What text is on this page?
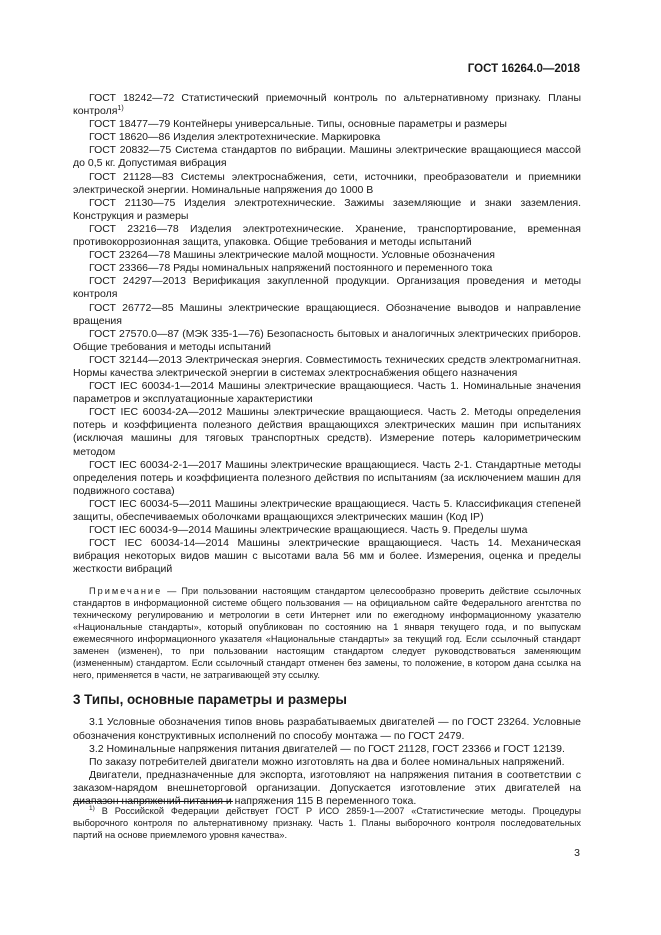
ГОСТ 16264.0—2018

ГОСТ 18242—72 Статистический приемочный контроль по альтернативному признаку. Планы контроля$^{1)}$

ГОСТ 18477—79 Контейнеры универсальные. Типы, основные параметры и размеры

ГОСТ 18620—86 Изделия электротехнические. Маркировка

ГОСТ 20832—75 Система стандартов по вибрации. Машины электрические вращающиеся массой до 0,5 кг. Допустимая вибрация

ГОСТ 21128—83 Системы электроснабжения, сети, источники, преобразователи и приемники электрической энергии. Номинальные напряжения до 1000 В

ГОСТ 21130—75 Изделия электротехнические. Зажимы заземляющие и знаки заземления. Конструкция и размеры

ГОСТ 23216—78 Изделия электротехнические. Хранение, транспортирование, временная противокоррозионная защита, упаковка. Общие требования и методы испытаний

ГОСТ 23264—78 Машины электрические малой мощности. Условные обозначения

ГОСТ 23366—78 Ряды номинальных напряжений постоянного и переменного тока

ГОСТ 24297—2013 Верификация закупленной продукции. Организация проведения и методы контроля

ГОСТ 26772—85 Машины электрические вращающиеся. Обозначение выводов и направление вращения

ГОСТ 27570.0—87 (МЭК 335-1—76) Безопасность бытовых и аналогичных электрических приборов. Общие требования и методы испытаний

ГОСТ 32144—2013 Электрическая энергия. Совместимость технических средств электромагнитная. Нормы качества электрической энергии в системах электроснабжения общего назначения

ГОСТ IEC 60034-1—2014 Машины электрические вращающиеся. Часть 1. Номинальные значения параметров и эксплуатационные характеристики

ГОСТ IEC 60034-2А—2012 Машины электрические вращающиеся. Часть 2. Методы определения потерь и коэффициента полезного действия вращающихся электрических машин при испытаниях (исключая машины для тяговых транспортных средств). Измерение потерь калориметрическим методом

ГОСТ IEC 60034-2-1—2017 Машины электрические вращающиеся. Часть 2-1. Стандартные методы определения потерь и коэффициента полезного действия по испытаниям (за исключением машин для подвижного состава)

ГОСТ IEC 60034-5—2011 Машины электрические вращающиеся. Часть 5. Классификация степеней защиты, обеспечиваемых оболочками вращающихся электрических машин (Код IP)

ГОСТ IEC 60034-9—2014 Машины электрические вращающиеся. Часть 9. Пределы шума

ГОСТ IEC 60034-14—2014 Машины электрические вращающиеся. Часть 14. Механическая вибрация некоторых видов машин с высотами вала 56 мм и более. Измерения, оценка и пределы жесткости вибраций

Примечание — При пользовании настоящим стандартом целесообразно проверить действие ссылочных стандартов в информационной системе общего пользования — на официальном сайте Федерального агентства по техническому регулированию и метрологии в сети Интернет или по ежегодному информационному указателю «Национальные стандарты», который опубликован по состоянию на 1 января текущего года, и по выпускам ежемесячного информационного указателя «Национальные стандарты» за текущий год. Если ссылочный стандарт заменен (изменен), то при пользовании настоящим стандартом следует руководствоваться заменяющим (измененным) стандартом. Если ссылочный стандарт отменен без замены, то положение, в котором дана ссылка на него, применяется в части, не затрагивающей эту ссылку.
3 Типы, основные параметры и размеры

3.1 Условные обозначения типов вновь разрабатываемых двигателей — по ГОСТ 23264. Условные обозначения конструктивных исполнений по способу монтажа — по ГОСТ 2479.

3.2 Номинальные напряжения питания двигателей — по ГОСТ 21128, ГОСТ 23366 и ГОСТ 12139.

По заказу потребителей двигатели можно изготовлять на два и более номинальных напряжений.

Двигатели, предназначенные для экспорта, изготовляют на напряжения питания в соответствии с заказом-нарядом внешнеторговой организации. Допускается изготовление этих двигателей на диапазон напряжений питания и напряжения 115 В переменного тока.

$^{1)}$ В Российской Федерации действует ГОСТ Р ИСО 2859-1—2007 «Статистические методы. Процедуры выборочного контроля по альтернативному признаку. Часть 1. Планы выборочного контроля последовательных партий на основе приемлемого уровня качества».
3
